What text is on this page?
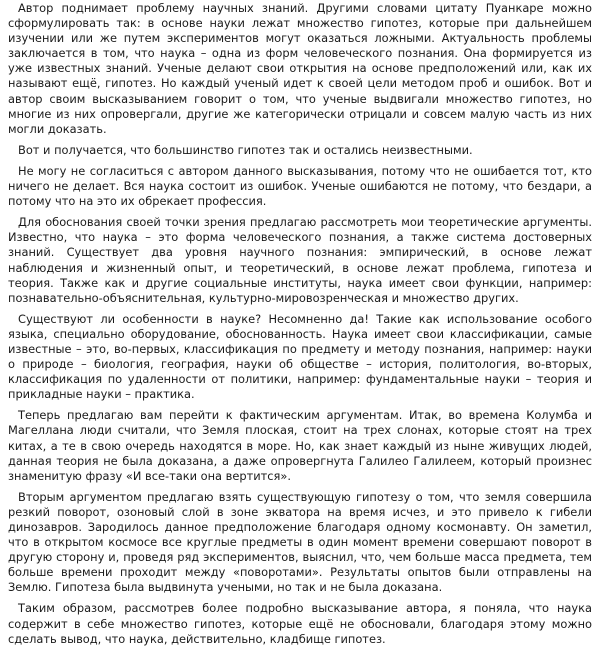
Автор поднимает проблему научных знаний. Другими словами цитату Пуанкаре можно сформулировать так: в основе науки лежат множество гипотез, которые при дальнейшем изучении или же путем экспериментов могут оказаться ложными. Актуальность проблемы заключается в том, что наука – одна из форм человеческого познания. Она формируется из уже известных знаний. Ученые делают свои открытия на основе предположений или, как их называют ещё, гипотез. Но каждый ученый идет к своей цели методом проб и ошибок. Вот и автор своим высказыванием говорит о том, что ученые выдвигали множество гипотез, но многие из них опровергали, другие же категорически отрицали и совсем малую часть из них могли доказать.

Вот и получается, что большинство гипотез так и остались неизвестными.

Не могу не согласиться с автором данного высказывания, потому что не ошибается тот, кто ничего не делает. Вся наука состоит из ошибок. Ученые ошибаются не потому, что бездари, а потому что на это их обрекает профессия.

Для обоснования своей точки зрения предлагаю рассмотреть мои теоретические аргументы. Известно, что наука – это форма человеческого познания, а также система достоверных знаний. Существует два уровня научного познания: эмпирический, в основе лежат наблюдения и жизненный опыт, и теоретический, в основе лежат проблема, гипотеза и теория. Также как и другие социальные институты, наука имеет свои функции, например: познавательно-объяснительная, культурно-мировозренческая и множество других.

Существуют ли особенности в науке? Несомненно да! Такие как использование особого языка, специально оборудование, обоснованность. Наука имеет свои классификации, самые известные – это, во-первых, классификация по предмету и методу познания, например: науки о природе – биология, география, науки об обществе – история, политология, во-вторых, классификация по удаленности от политики, например: фундаментальные науки – теория и прикладные науки – практика.

Теперь предлагаю вам перейти к фактическим аргументам. Итак, во времена Колумба и Магеллана люди считали, что Земля плоская, стоит на трех слонах, которые стоят на трех китах, а те в свою очередь находятся в море. Но, как знает каждый из ныне живущих людей, данная теория не была доказана, а даже опровергнута Галилео Галилеем, который произнес знаменитую фразу «И все-таки она вертится».

Вторым аргументом предлагаю взять существующую гипотезу о том, что земля совершила резкий поворот, озоновый слой в зоне экватора на время исчез, и это привело к гибели динозавров. Зародилось данное предположение благодаря одному космонавту. Он заметил, что в открытом космосе все круглые предметы в один момент времени совершают поворот в другую сторону и, проведя ряд экспериментов, выяснил, что, чем больше масса предмета, тем больше времени проходит между «поворотами». Результаты опытов были отправлены на Землю. Гипотеза была выдвинута учеными, но так и не была доказана.

Таким образом, рассмотрев более подробно высказывание автора, я поняла, что наука содержит в себе множество гипотез, которые ещё не обосновали, благодаря этому можно сделать вывод, что наука, действительно, кладбище гипотез.
